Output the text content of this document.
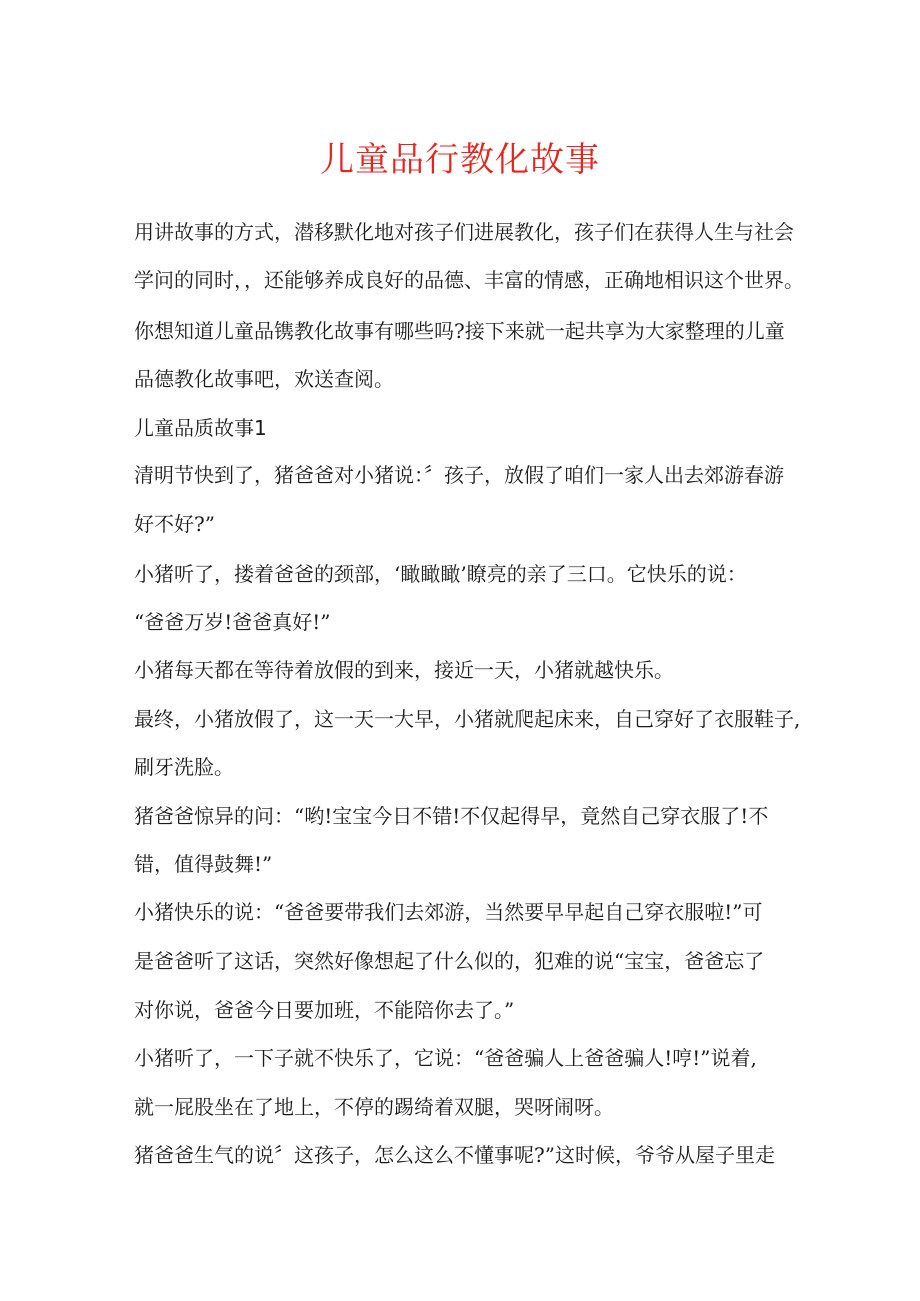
儿童品行教化故事

用讲故事的方式，潜移默化地对孩子们进展教化，孩子们在获得人生与社会

学问的同时，，还能够养成良好的品德、丰富的情感，正确地相识这个世界。

你想知道儿童品镌教化故事有哪些吗?接下来就一起共享为大家整理的儿童

品德教化故事吧，欢送查阅。

儿童品质故事1

清明节快到了，猪爸爸对小猪说：〞孩子，放假了咱们一家人出去郊游春游

好不好?”

小猪听了，搂着爸爸的颈部，‘瞰瞰瞰’瞭亮的亲了三口。它快乐的说：

“爸爸万岁!爸爸真好!”

小猪每天都在等待着放假的到来，接近一天，小猪就越快乐。

最终，小猪放假了，这一天一大早，小猪就爬起床来，自己穿好了衣服鞋子,

刷牙洗脸。

猪爸爸惊异的问：“哟!宝宝今日不错!不仅起得早，竟然自己穿衣服了!不

错，值得鼓舞!”

小猪快乐的说：“爸爸要带我们去郊游，当然要早早起自己穿衣服啦!”可

是爸爸听了这话，突然好像想起了什么似的，犯难的说“宝宝，爸爸忘了

对你说，爸爸今日要加班，不能陪你去了。”

小猪听了，一下子就不快乐了，它说：“爸爸骗人上爸爸骗人!哼!”说着,

就一屁股坐在了地上，不停的踢绮着双腿，哭呀闹呀。

猪爸爸生气的说〞这孩子，怎么这么不懂事呢?”这时候，爷爷从屋子里走
